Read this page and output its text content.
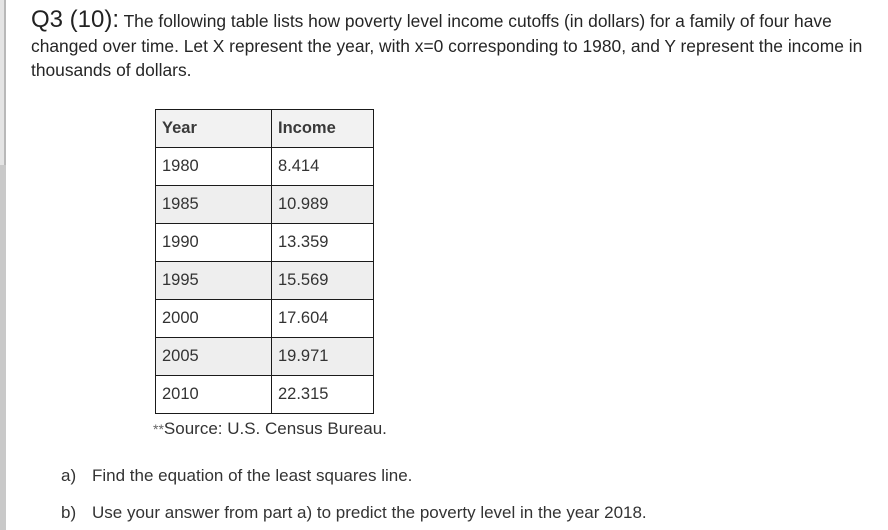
Q3 (10): The following table lists how poverty level income cutoffs (in dollars) for a family of four have changed over time. Let X represent the year, with x=0 corresponding to 1980, and Y represent the income in thousands of dollars.
Year	Income
1980	8.414
1985	10.989
1990	13.359
1995	15.569
2000	17.604
2005	19.971
2010	22.315
**Source: U.S. Census Bureau.
a) Find the equation of the least squares line.
b) Use your answer from part a) to predict the poverty level in the year 2018.
